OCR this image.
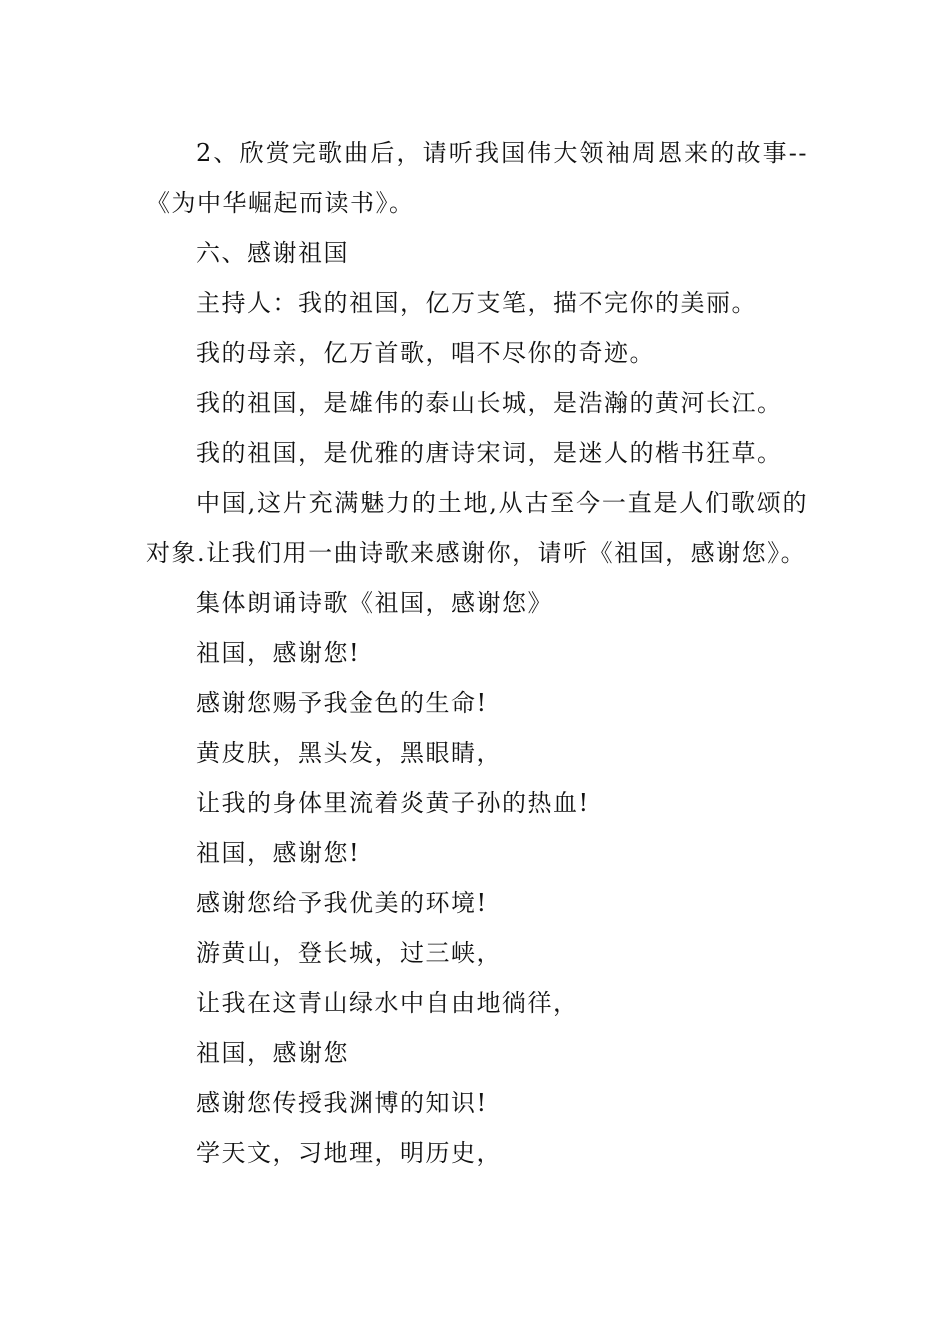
2、欣赏完歌曲后，请听我国伟大领袖周恩来的故事--《为中华崛起而读书》。

六、感谢祖国

主持人：我的祖国，亿万支笔，描不完你的美丽。

我的母亲，亿万首歌，唱不尽你的奇迹。

我的祖国，是雄伟的泰山长城，是浩瀚的黄河长江。

我的祖国，是优雅的唐诗宋词，是迷人的楷书狂草。

中国,这片充满魅力的土地,从古至今一直是人们歌颂的对象.让我们用一曲诗歌来感谢你，请听《祖国，感谢您》。

集体朗诵诗歌《祖国，感谢您》

祖国，感谢您!

感谢您赐予我金色的生命!

黄皮肤，黑头发，黑眼睛，

让我的身体里流着炎黄子孙的热血!

祖国，感谢您!

感谢您给予我优美的环境!

游黄山，登长城，过三峡，

让我在这青山绿水中自由地徜徉，

祖国，感谢您

感谢您传授我渊博的知识!

学天文，习地理，明历史，
